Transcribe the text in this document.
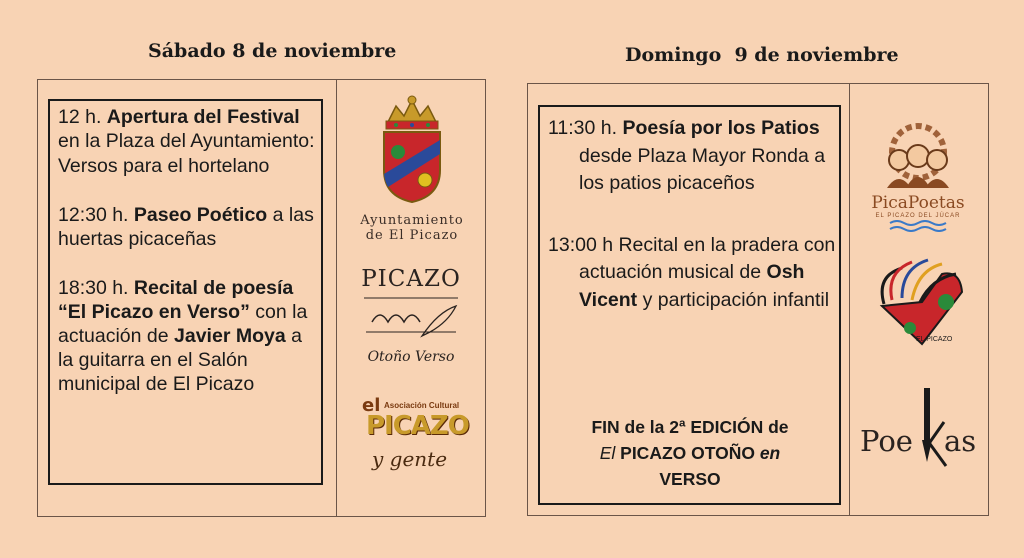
Sábado 8 de noviembre

12 h. Apertura del Festival en la Plaza del Ayuntamiento:

Versos para el hortelano

12:30 h. Paseo Poético a las huertas picaceñas

18:30 h. Recital de poesía “El Picazo en Verso” con la actuación de Javier Moya a la guitarra en el Salón municipal de El Picazo

Ayuntamiento
de El Picazo
PICAZO
Otoño Verso
el Asociación Cultural
PICAZO
y gente
Domingo  9 de noviembre

11:30 h. Poesía por los Patios desde Plaza Mayor Ronda a los patios picaceños

13:00 h Recital en la pradera con actuación musical de Osh Vicent y participación infantil

FIN de la 2ª EDICIÓN de
El PICAZO OTOÑO en
VERSO
PicaPoetas
EL PICAZO DEL JÚCAR
EL PICAZO
Poe as
